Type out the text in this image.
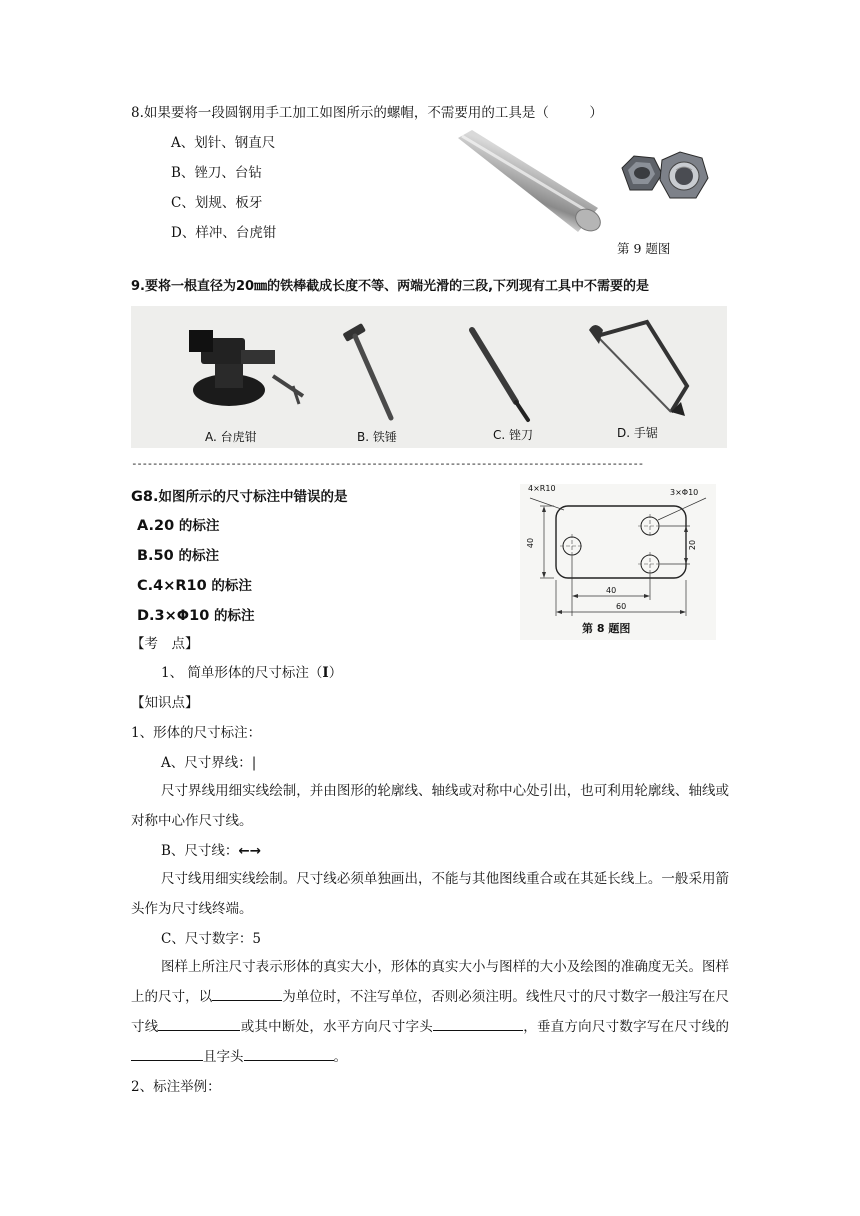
8.如果要将一段圆钢用手工加工如图所示的螺帽，不需要用的工具是（　　　）
A、划针、钢直尺
B、锉刀、台钻
C、划规、板牙
D、样冲、台虎钳
第 9 题图
9.要将一根直径为20㎜的铁棒截成长度不等、两端光滑的三段,下列现有工具中不需要的是
A. 台虎钳	B. 铁锤	C. 锉刀	D. 手锯
--------------------------------------------------------------------------------------------------
G8.如图所示的尺寸标注中错误的是
A.20 的标注
B.50 的标注
C.4×R10 的标注
D.3×Φ10 的标注
4×R10	3×Φ10
40	20
40
60
第 8 题图
【考　点】
1、 简单形体的尺寸标注（I）
【知识点】
1、形体的尺寸标注：
A、尺寸界线：|
尺寸界线用细实线绘制，并由图形的轮廓线、轴线或对称中心处引出，也可利用轮廓线、轴线或对称中心作尺寸线。
B、尺寸线：←→
尺寸线用细实线绘制。尺寸线必须单独画出，不能与其他图线重合或在其延长线上。一般采用箭头作为尺寸线终端。
C、尺寸数字：5
图样上所注尺寸表示形体的真实大小，形体的真实大小与图样的大小及绘图的准确度无关。图样上的尺寸，以	为单位时，不注写单位，否则必须注明。线性尺寸的尺寸数字一般注写在尺寸线	或其中断处，水平方向尺寸字头	，垂直方向尺寸数字写在尺寸线的且字头	。
2、标注举例：
